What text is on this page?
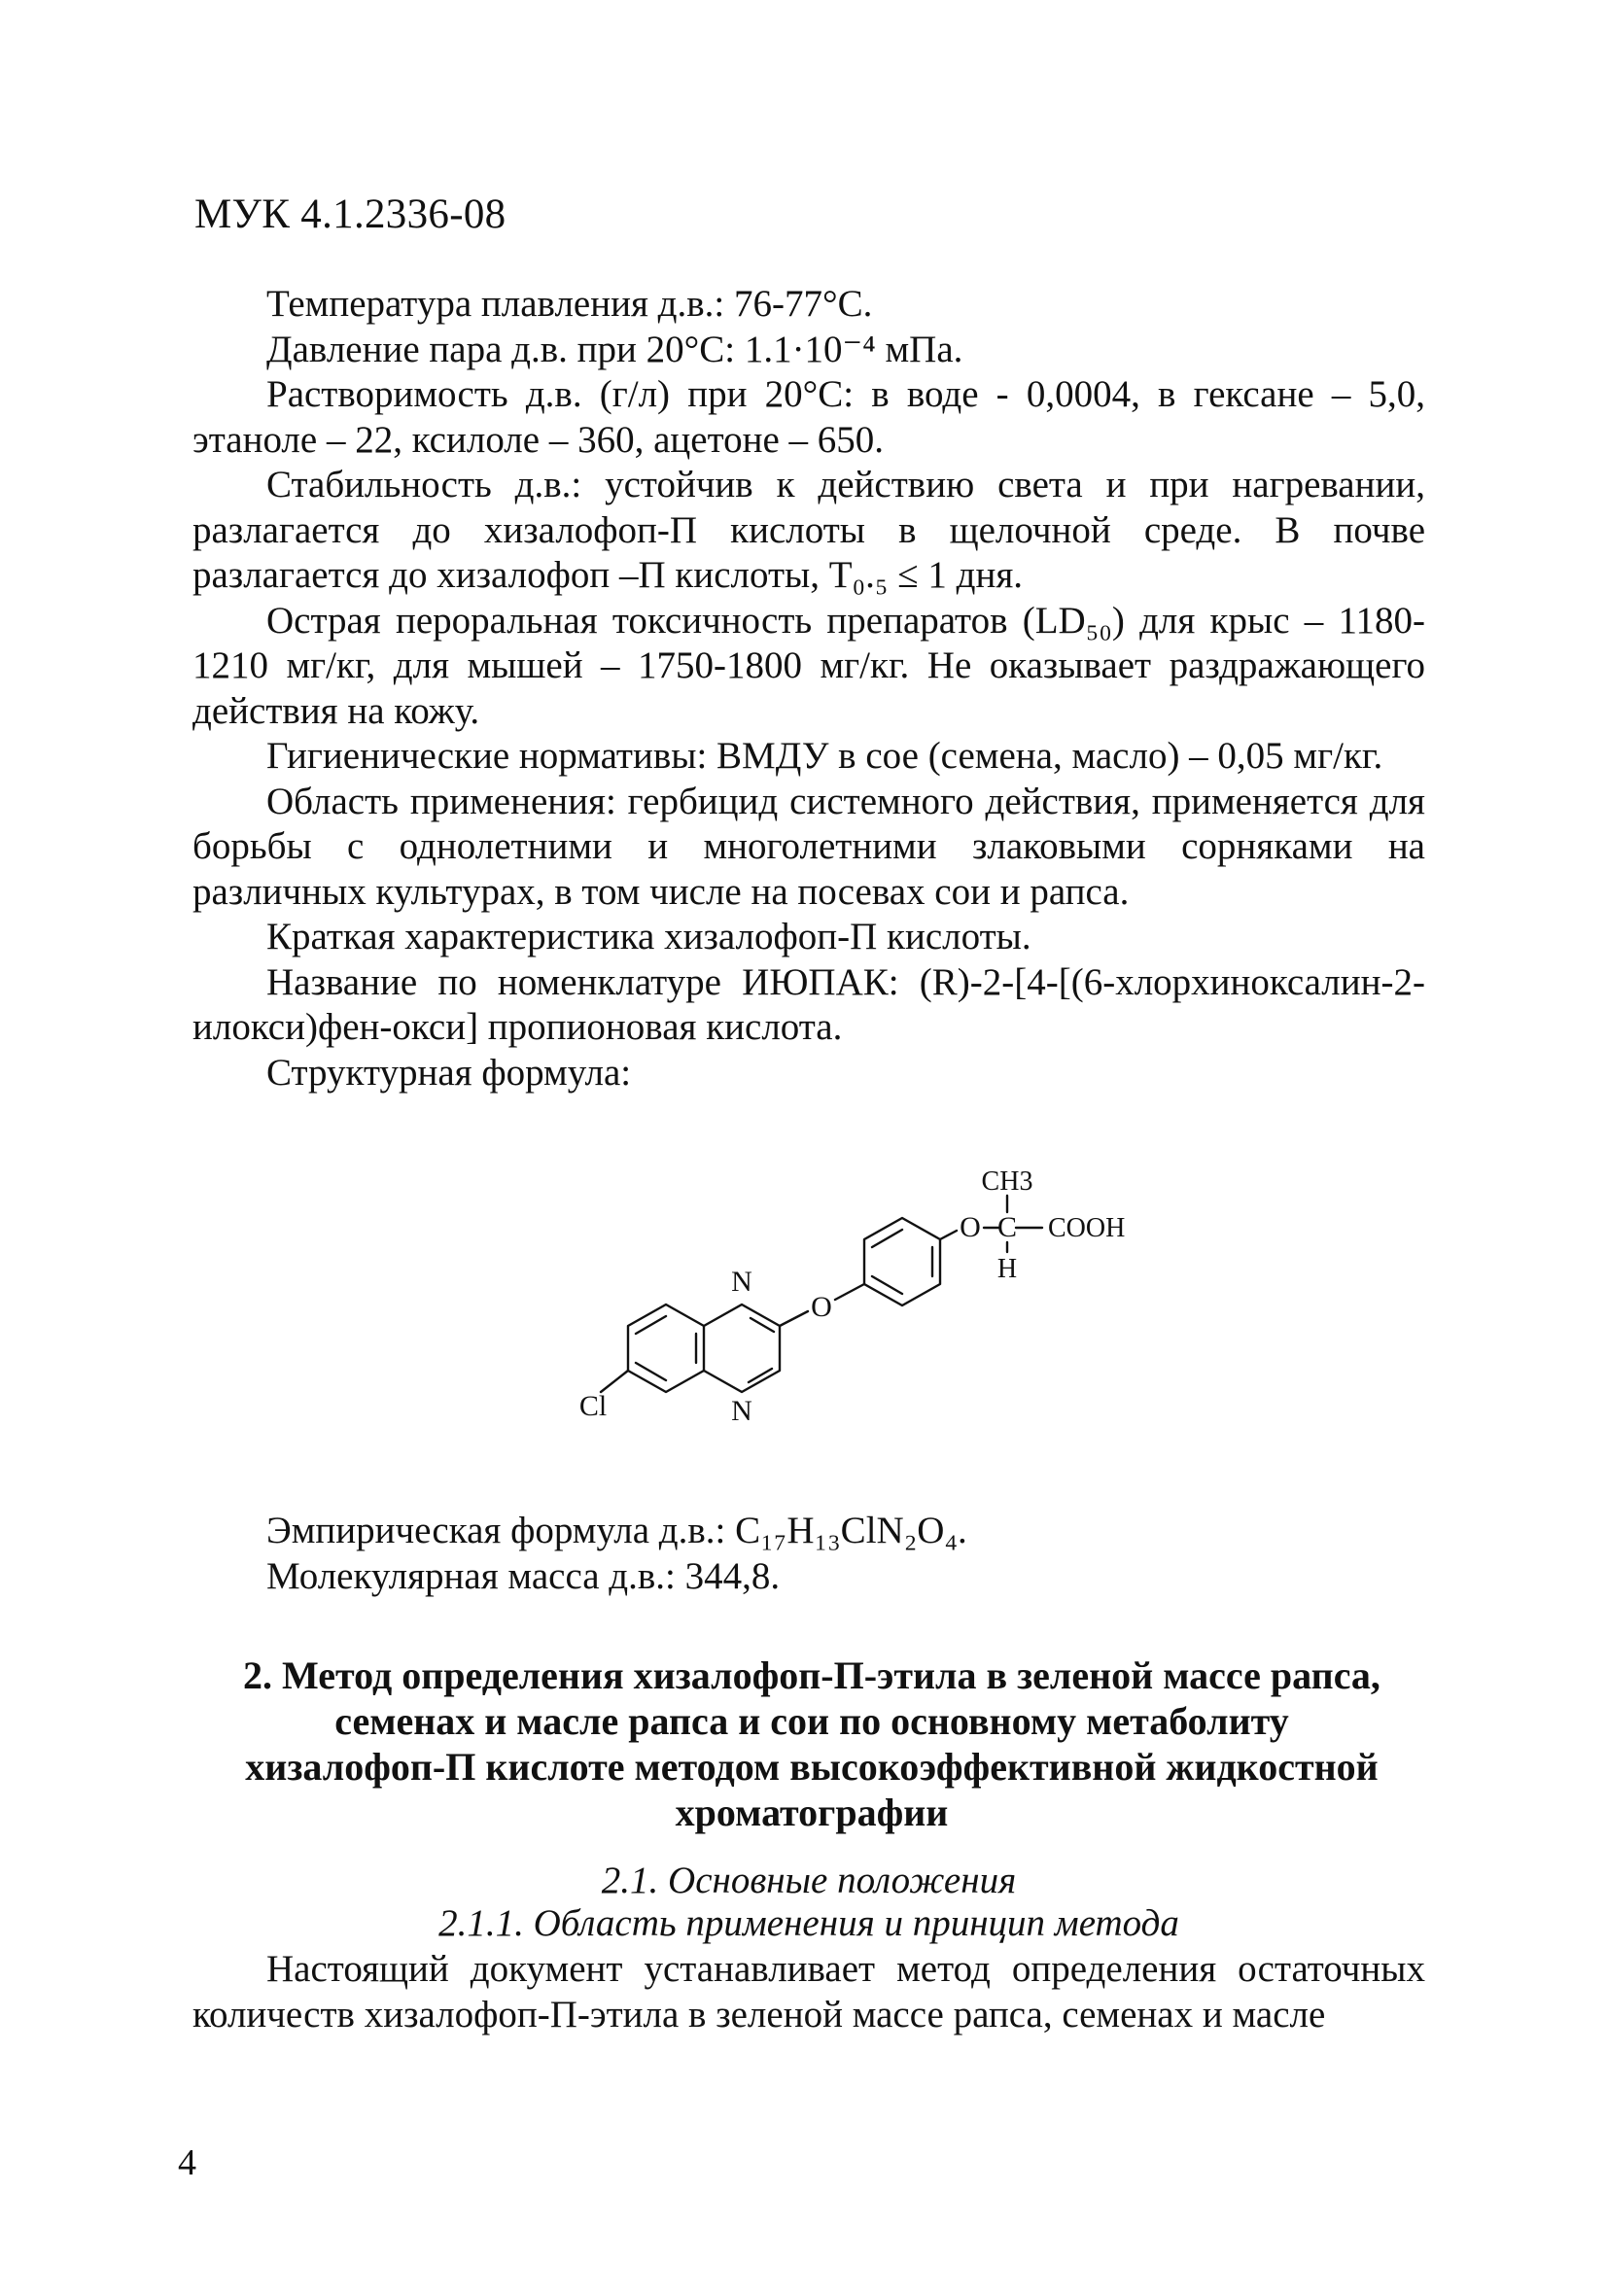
МУК 4.1.2336-08

Температура плавления д.в.: 76-77°С.

Давление пара д.в. при 20°С: 1.1·10⁻⁴ мПа.

Растворимость д.в. (г/л) при 20°С: в воде - 0,0004, в гексане – 5,0, этаноле – 22, ксилоле – 360, ацетоне – 650.

Стабильность д.в.: устойчив к действию света и при нагревании, разлагается до хизалофоп-П кислоты в щелочной среде. В почве разлагается до хизалофоп –П кислоты, T₀.₅ ≤ 1 дня.

Острая пероральная токсичность препаратов (LD₅₀) для крыс – 1180-1210 мг/кг, для мышей – 1750-1800 мг/кг. Не оказывает раздражающего действия на кожу.

Гигиенические нормативы: ВМДУ в сое (семена, масло) – 0,05 мг/кг.

Область применения: гербицид системного действия, применяется для борьбы с однолетними и многолетними злаковыми сорняками на различных культурах, в том числе на посевах сои и рапса.

Краткая характеристика хизалофоп-П кислоты.

Название по номенклатуре ИЮПАК: (R)-2-[4-[(6-хлорхиноксалин-2-илокси)фен-окси] пропионовая кислота.

Структурная формула:

N
N
Cl
O
O
CH3
C
H
COOH

Эмпирическая формула д.в.: C₁₇H₁₃ClN₂O₄.

Молекулярная масса д.в.: 344,8.

2. Метод определения хизалофоп-П-этила в зеленой массе рапса, семенах и масле рапса и сои по основному метаболиту хизалофоп-П кислоте методом высокоэффективной жидкостной хроматографии
2.1. Основные положения
2.1.1. Область применения и принцип метода

Настоящий документ устанавливает метод определения остаточных количеств хизалофоп-П-этила в зеленой массе рапса, семенах и масле

4
